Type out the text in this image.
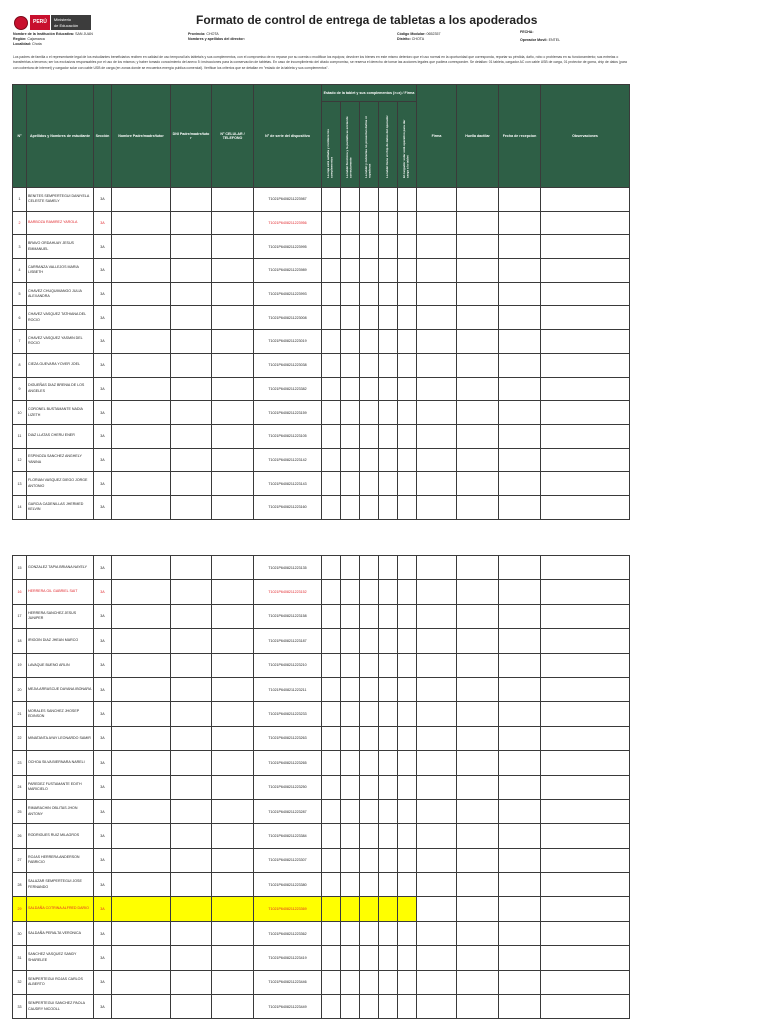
PERÚ	Ministerio
de Educación	Formato de control de entrega de tabletas a los apoderados
Nombre de la Institución Educativa: SAN JUAN
Región: Cajamarca
Localidad: Chota
Provincia: CHOTA
Nombres y apellidos del director:
Código Modular: 0652357
Distrito: CHOTA
FECHA:
Operador Movil: ENTEL
Los padres de familia o el representante legal de los estudiantes beneficiarios reciben en calidad de uso temporal la/s tableta/s y sus complementos, con el compromiso de no reparar por su cuenta o modificar los equipos; devolver los bienes en este mismo deterioro que el uso normal en la oportunidad que corresponda, reportar su pérdida, daño, robo o problemas en su funcionamiento; sus entrelas o transferirlas a terceros; ser los exclusivos responsables por el uso de los mismos; y haber tomado conocimiento del anexo 5: instrucciones para la conservación de tabletas. En caso de incumplimiento del citado compromiso, se reserva el derecho de tomar las acciones legales que pudiera corresponder. Se detallan: 01 tableta, cargador AC con cable USB de carga, 01 protector de goma, chip de datos (para con cobertura de internet) y cargador solar con cable USB de carga (en zonas donde se encuentra energía publica comercial). Verificar los criterios que se detallan en "estado de la tableta y sus complementos".
N°	Apellidos y Nombres de estudiante	Sección	Nombre Padre/madre/tutor	DNI Padre/madre/tuto r	N° CELULAR / TELEFONO	N° de serie del dispositivo	Estado de la tablet y sus complementos (>=x) / Firma					Firma	Huella dactilar	Fecha de recepcion	Observaciones

							La caja está sellada y contiene los complementos	La tablet funciona y la pantalla se enciende correctamente	La tablet y cubiertas no presentan daños ni rayaduras	La tablet tiene el chip de datos del operador	El cargador solar está operativo para dar carga a la tablet				

1	BENITES SEMPERTEGUI DANIYELA CELESTE SAMELY	3A				T1021P6408211223987									
2	BARBOZA RAMIREZ YAROLA	3A				T1021P6408211223956									
3	BRAVO ORDAHUAY JESUS EMMANUEL	3A				T1021P6408211223995									
4	CARRANZA VALLEJOS MARIA LISBETH	3A				T1021P6408211223989									
5	CHAVEZ CHUQUIMANGO JULIA ALEXANDRA	3A				T1021P6408211223993									
6	CHAVEZ VASQUEZ TATHIANA DEL ROCIO	3A				T1021P6408211223008									
7	CHAVEZ VASQUEZ YASMIN DEL ROCIO	3A				T1021P6408211223019									
8	CIEZA GUEVARA YOVER JOEL	3A				T1021P6408211223038									
9	DIGUEÑAS DIAZ BRENIA DE LOS ANGELES	3A				T1021P6408211223382									
10	CORONEL BUSTAMANTE NADIA LIZETH	3A				T1021P6408211223159									
11	DIAZ LLATAS CHERU ENER	3A				T1021P6408211223105									
12	ESPINOZA SANCHEZ ANGHELY YANINA	3A				T1021P6408211223142									
13	FLORIAN VASQUEZ DIEGO JORGE ANTONIO	3A				T1021P6408211223143									
14	GARCIA CADENILLAS JHERMED KELVIN	3A				T1021P6408211223160									
15	GONZALEZ TAPIA BRIANA NAYELY	3A				T1021P6408211223135									
16	HERRERA GIL GABRIEL SAIT	3A				T1021P6408211223152									
17	HERRERA SANCHEZ JESUS JUNIPER	3A				T1021P6408211223158									
18	IRIGOIN DIAZ JHEAN MARCO	3A				T1021P6408211223187									
19	LAVAQUE BUENO ARLIN	3A				T1021P6408211223210									
20	MEJIA ARRASCUE DAYANA IBONARA	3A				T1021P6408211223211									
21	MORALES SANCHEZ JHOSEP EDINSON	3A				T1021P6408211223233									
22	MINATANTA AYAY LEONARDO SAMIR	3A				T1021P6408211223263									
23	OCHOA SILVA BIERNARA NARELI	3A				T1021P6408211223265									
24	PAREDEZ FUSTAMANTE EDITH MARICIELO	3A				T1021P6408211223250									
25	RIMARACHIN OBLITAS JHON ANTONY	3A				T1021P6408211223287									
26	RODRIGUES RUIZ MILAGROS	3A				T1021P6408211223384									
27	ROJAS HERRERA ANDERSON FABRICIO	3A				T1021P6408211223307									
28	SALAZAR SEMPERTEGUI JOSE FERNANDO	3A				T1021P6408211223380									
29	SALDAÑA COTRINA ALFRED DARIO	3A				T1021P6408211223369									
30	SALDAÑA PERALTA VERONICA	3A				T1021P6408211223362									
31	SANCHEZ VASQUEZ SANDY SHARELEE	3A				T1021P6408211223419									
32	SEMPERTEGUI ROJAS CARLOS ALBERTO	3A				T1021P6408211223446									
33	SEMPERTEGUI SANCHEZ PAOLA CAUDRY NICOOLL	3A				T1021P6408211223449									
